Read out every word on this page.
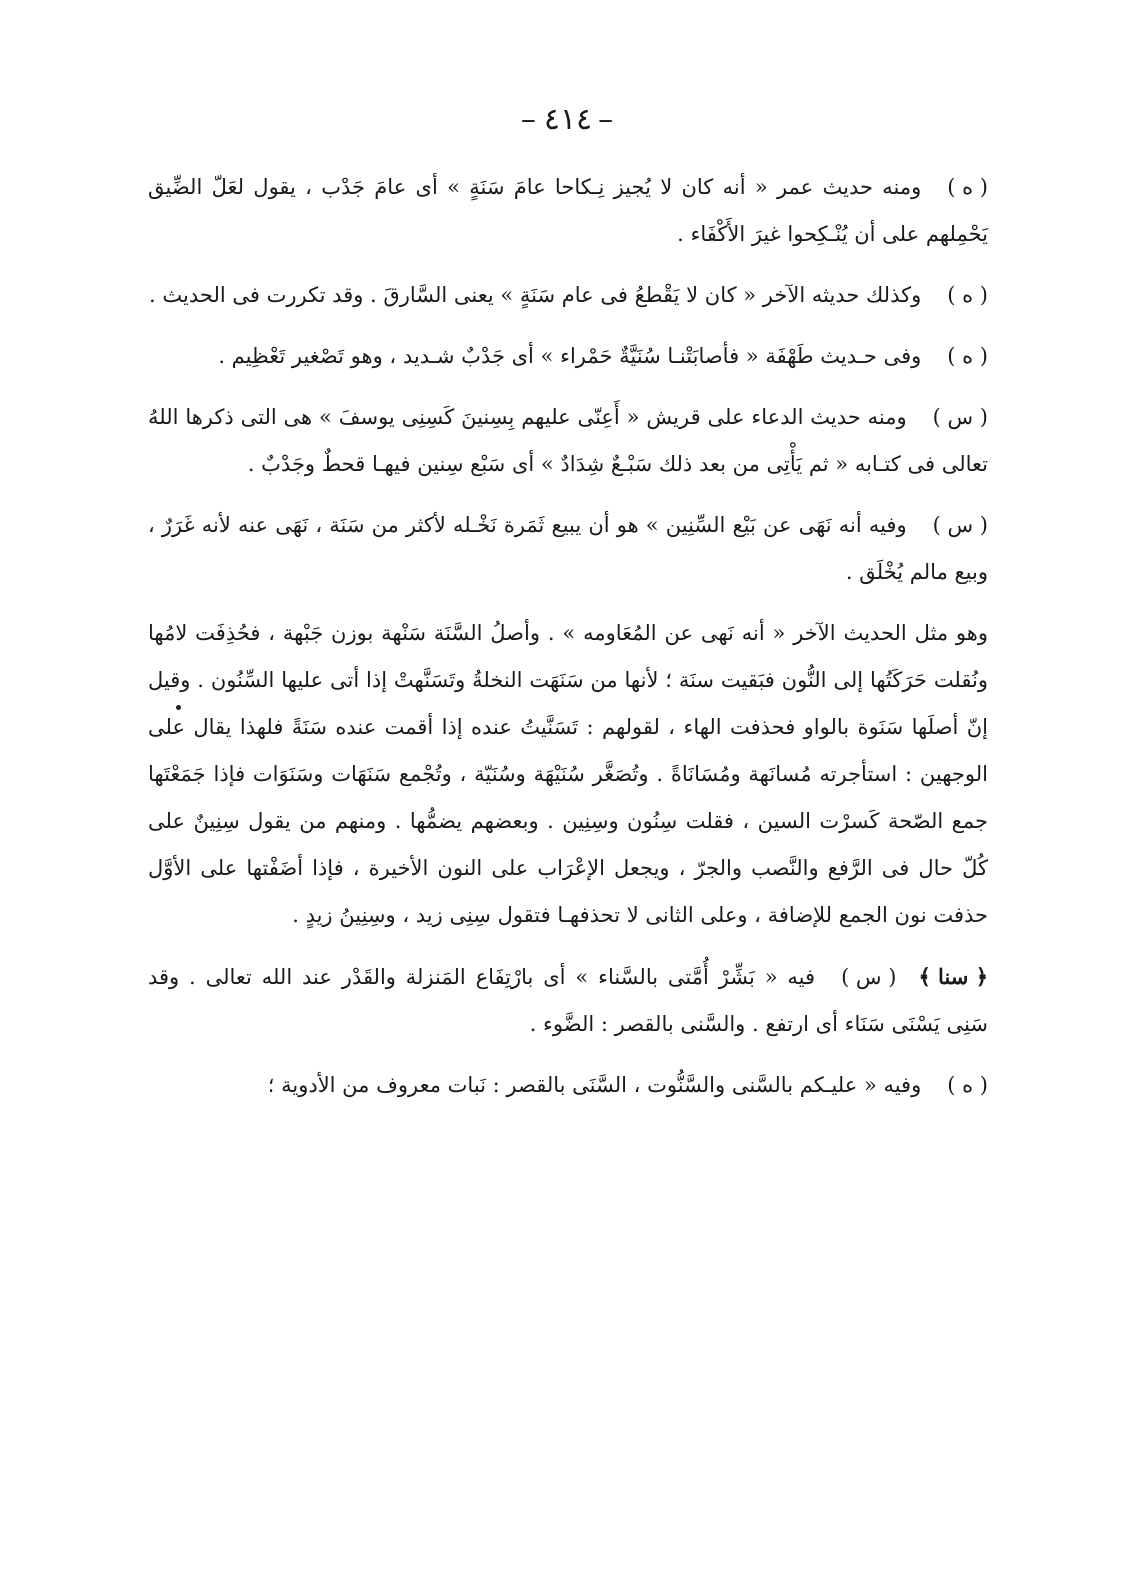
–٤١٤–

( ه )ومنه حديث عمر « أنه كان لا يُجيز نِـكاحا عامَ سَنَةٍ » أى عامَ جَدْب ، يقول لعَلّ الضِّيق يَحْمِلهم على أن يُنْـكِحوا غيرَ الأَكْفَاء .

( ه )وكذلك حديثه الآخر « كان لا يَقْطعُ فى عام سَنَةٍ » يعنى السَّارقَ . وقد تكررت فى الحديث .

( ه )وفى حـديث طَهْفَة « فأصابَتْنـا سُنَيَّةٌ حَمْراء » أى جَدْبٌ شـديد ، وهو تَصْغير تَعْظِيم .

( س )ومنه حديث الدعاء على قريش « أَعِنّى عليهم بِسِنينَ كَسِنِى يوسفَ » هى التى ذكرها اللهُ تعالى فى كتـابه « ثم يَأْتِى من بعد ذلك سَبْـعٌ شِدَادٌ » أى سَبْع سِنين فيهـا قحطٌ وجَدْبٌ .

( س )وفيه أنه نَهَى عن بَيْع السِّنِين » هو أن يبيع ثَمَرة نَخْـله لأكثر من سَنَة ، نَهَى عنه لأنه غَرَرٌ ، وبيع مالم يُخْلَق .

وهو مثل الحديث الآخر « أنه نَهى عن المُعَاومه » . وأصلُ السَّنَة سَنْهة بوزن جَبْهة ، فحُذِفَت لامُها ونُقلت حَرَكَتُها إلى النُّون فبَقيت سنَة ؛ لأنها من سَنَهَت النخلةُ وتَسَنَّهتْ إذا أتى عليها السِّنُون . وقيل إنّ أصلَها سَنَوة بالواو فحذفت الهاء ، لقولهم : تَسَنَّيتُ عنده إذا أقمت عنده سَنَةً فلهذا يقال على الوجهين : استأجرته مُسانَهة ومُسَانَاةً . وتُصَغَّر سُنَيْهَة وسُنَيّة ، وتُجْمع سَنَهَات وسَنَوَات فإذا جَمَعْتَها جمع الصّحة كَسرْت السين ، فقلت سِنُون وسِنِين . وبعضهم يضمُّها . ومنهم من يقول سِنِينٌ على كُلّ حال فى الرَّفع والنَّصب والجرّ ، ويجعل الإعْرَاب على النون الأخيرة ، فإذا أضَفْتها على الأوَّل حذفت نون الجمع للإضافة ، وعلى الثانى لا تحذفهـا فتقول سِنِى زيد ، وسِنِينُ زيدٍ .

﴿ سنا ﴾( س )فيه « بَشِّرْ أُمَّتى بالسَّناء » أى بارْتِفَاع المَنزلة والقَدْر عند الله تعالى . وقد سَنِى يَسْنَى سَنَاء أى ارتفع . والسَّنى بالقصر : الضَّوء .

( ه )وفيه « عليـكم بالسَّنى والسَّنُّوت ، السَّنَى بالقصر : نَبات معروف من الأدوية ؛
